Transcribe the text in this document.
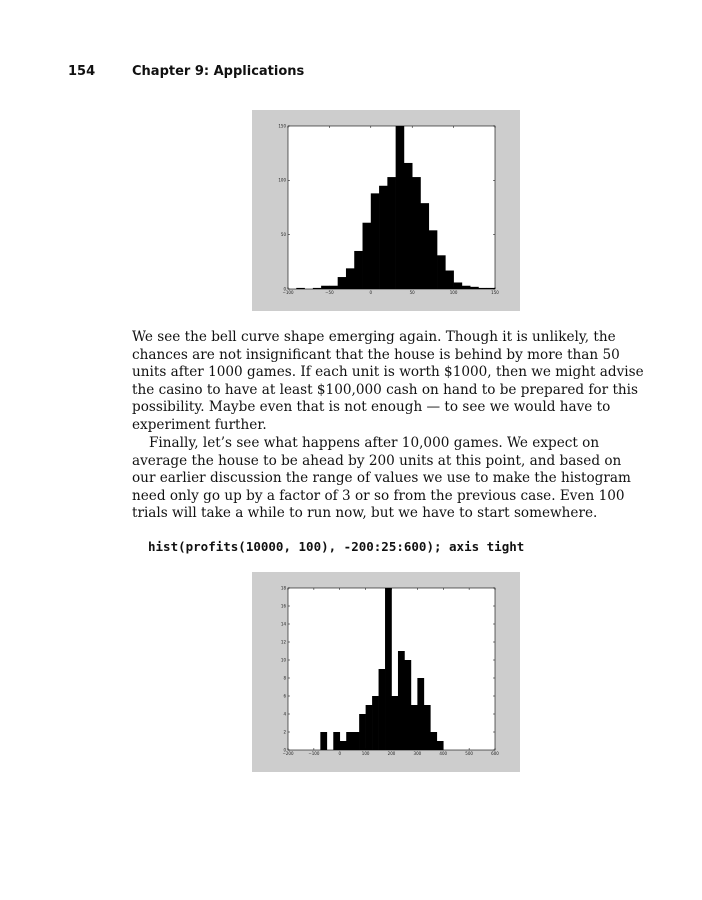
154	Chapter 9: Applications
−100	−50	0	50	100	150
0
50
100
150

We see the bell curve shape emerging again. Though it is unlikely, the chances are not insignificant that the house is behind by more than 50 units after 1000 games. If each unit is worth $1000, then we might advise the casino to have at least $100,000 cash on hand to be prepared for this possibility. Maybe even that is not enough — to see we would have to experiment further.

Finally, let’s see what happens after 10,000 games. We expect on average the house to be ahead by 200 units at this point, and based on our earlier discussion the range of values we use to make the histogram need only go up by a factor of 3 or so from the previous case. Even 100 trials will take a while to run now, but we have to start somewhere.

hist(profits(10000, 100), -200:25:600); axis tight
−200	−100	0	100	200	300	400	500	600
0
2
4
6
8
10
12
14
16
18
